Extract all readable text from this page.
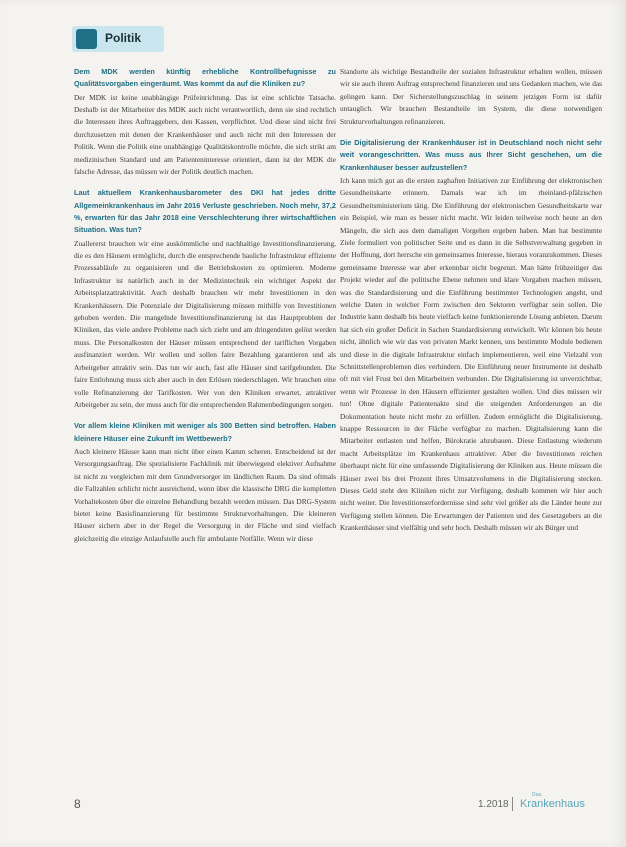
Politik

Dem MDK werden künftig erhebliche Kontrollbefugnisse zu Qualitätsvorgaben eingeräumt. Was kommt da auf die Kliniken zu?

Der MDK ist keine unabhängige Prüfeinrichtung. Das ist eine schlichte Tatsache. Deshalb ist der Mitarbeiter des MDK auch nicht verantwortlich, denn sie sind rechtlich die Interessen ihres Auftraggebers, den Kassen, verpflichtet. Und diese sind nicht frei durchzusetzen mit denen der Krankenhäuser und auch nicht mit den Interessen der Politik. Wenn die Politik eine unabhängige Qualitätskontrolle möchte, die sich strikt am medizinischen Standard und am Patienteninteresse orientiert, dann ist der MDK die falsche Adresse, das müssen wir der Politik deutlich machen.

Laut aktuellem Krankenhausbarometer des DKI hat jedes dritte Allgemeinkrankenhaus im Jahr 2016 Verluste geschrieben. Noch mehr, 37,2 %, erwarten für das Jahr 2018 eine Verschlechterung ihrer wirtschaftlichen Situation. Was tun?

Zuallererst brauchen wir eine auskömmliche und nachhaltige Investitionsfinanzierung, die es den Häusern ermöglicht, durch die entsprechende bauliche Infrastruktur effiziente Prozessabläufe zu organisieren und die Betriebskosten zu optimieren. Moderne Infrastruktur ist natürlich auch in der Medizintechnik ein wichtiger Aspekt der Arbeitsplatzattraktivität. Auch deshalb brauchen wir mehr Investitionen in den Krankenhäusern. Die Potenziale der Digitalisierung müssen mithilfe von Investitionen gehoben werden. Die mangelnde Investitionsfinanzierung ist das Hauptproblem der Kliniken, das viele andere Probleme nach sich zieht und am dringendsten gelöst werden muss. Die Personalkosten der Häuser müssen entsprechend der tariflichen Vorgaben ausfinanziert werden. Wir wollen und sollen faire Bezahlung garantieren und als Arbeitgeber attraktiv sein. Das tun wir auch, fast alle Häuser sind tarifgebunden. Die faire Entlohnung muss sich aber auch in den Erlösen niederschlagen. Wir brauchen eine volle Refinanzierung der Tarifkosten. Wer von den Kliniken erwartet, attraktiver Arbeitgeber zu sein, der muss auch für die entsprechenden Rahmenbedingungen sorgen.

Vor allem kleine Kliniken mit weniger als 300 Betten sind betroffen. Haben kleinere Häuser eine Zukunft im Wettbewerb?

Auch kleinere Häuser kann man nicht über einen Kamm scheren. Entscheidend ist der Versorgungsauftrag. Die spezialisierte Fachklinik mit überwiegend elektiver Aufnahme ist nicht zu vergleichen mit dem Grundversorger im ländlichen Raum. Da sind oftmals die Fallzahlen schlicht nicht ausreichend, wenn über die klassische DRG die kompletten Vorhaltekosten über die einzelne Behandlung bezahlt werden müssen. Das DRG-System bietet keine Basisfinanzierung für bestimmte Strukturvorhaltungen. Die kleineren Häuser sichern aber in der Regel die Versorgung in der Fläche und sind vielfach gleichzeitig die einzige Anlaufstelle auch für ambulante Notfälle. Wenn wir diese

Standorte als wichtige Bestandteile der sozialen Infrastruktur erhalten wollen, müssen wir sie auch ihrem Auftrag entsprechend finanzieren und uns Gedanken machen, wie das gelingen kann. Der Sicherstellungszuschlag in seinem jetzigen Form ist dafür untauglich. Wir brauchen Bestandteile im System, die diese notwendigen Strukturvorhaltungen refinanzieren.

Die Digitalisierung der Krankenhäuser ist in Deutschland noch nicht sehr weit vorangeschritten. Was muss aus Ihrer Sicht geschehen, um die Krankenhäuser besser aufzustellen?

Ich kann mich gut an die ersten zaghaften Initiativen zur Einführung der elektronischen Gesundheitskarte erinnern. Damals war ich im rheinland-pfälzischen Gesundheitsministerium tätig. Die Einführung der elektronischen Gesundheitskarte war ein Beispiel, wie man es besser nicht macht. Wir leiden teilweise noch heute an den Mängeln, die sich aus dem damaligen Vorgehen ergeben haben. Man hat bestimmte Ziele formuliert von politischer Seite und es dann in die Selbstverwaltung gegeben in der Hoffnung, dort herrsche ein gemeinsames Interesse, hieraus voranzukommen. Dieses gemeinsame Interesse war aber erkennbar nicht begrenzt. Man hätte frühzeitiger das Projekt wieder auf die politische Ebene nehmen und klare Vorgaben machen müssen, was die Standardisierung und die Einführung bestimmter Technologien angeht, und welche Daten in welcher Form zwischen den Sektoren verfügbar sein sollen. Die Industrie kann deshalb bis heute vielfach keine funktionierende Lösung anbieten. Darum hat sich ein großer Deficit in Sachen Standardisierung entwickelt. Wir können bis heute nicht, ähnlich wie wir das von privaten Markt kennen, uns bestimmte Module bedienen und diese in die digitale Infrastruktur einfach implementieren, weil eine Vielzahl von Schnittstellenproblemen dies verhindern. Die Einführung neuer Instrumente ist deshalb oft mit viel Frust bei den Mitarbeitern verbunden. Die Digitalisierung ist unverzichtbar, wenn wir Prozesse in den Häusern effizienter gestalten wollen. Und dies müssen wir tun! Ohne digitale Patientenakte sind die steigenden Anforderungen an die Dokumentation heute nicht mehr zu erfüllen. Zudem ermöglicht die Digitalisierung, knappe Ressourcen in der Fläche verfügbar zu machen. Digitalisierung kann die Mitarbeiter entlasten und helfen, Bürokratie abzubauen. Diese Entlastung wiederum macht Arbeitsplätze im Krankenhaus attraktiver. Aber die Investitionen reichen überhaupt nicht für eine umfassende Digitalisierung der Kliniken aus. Heute müssen die Häuser zwei bis drei Prozent ihres Umsatzvolumens in die Digitalisierung stecken. Dieses Geld steht den Kliniken nicht zur Verfügung, deshalb kommen wir hier auch nicht weiter. Die Investitionserfordernisse sind sehr viel größer als die Länder heute zur Verfügung stellen können. Die Erwartungen der Patienten und des Gesetzgebers an die Krankenhäuser sind vielfältig und sehr hoch. Deshalb müssen wir als Bürger und

8	1.2018
Das
Krankenhaus
